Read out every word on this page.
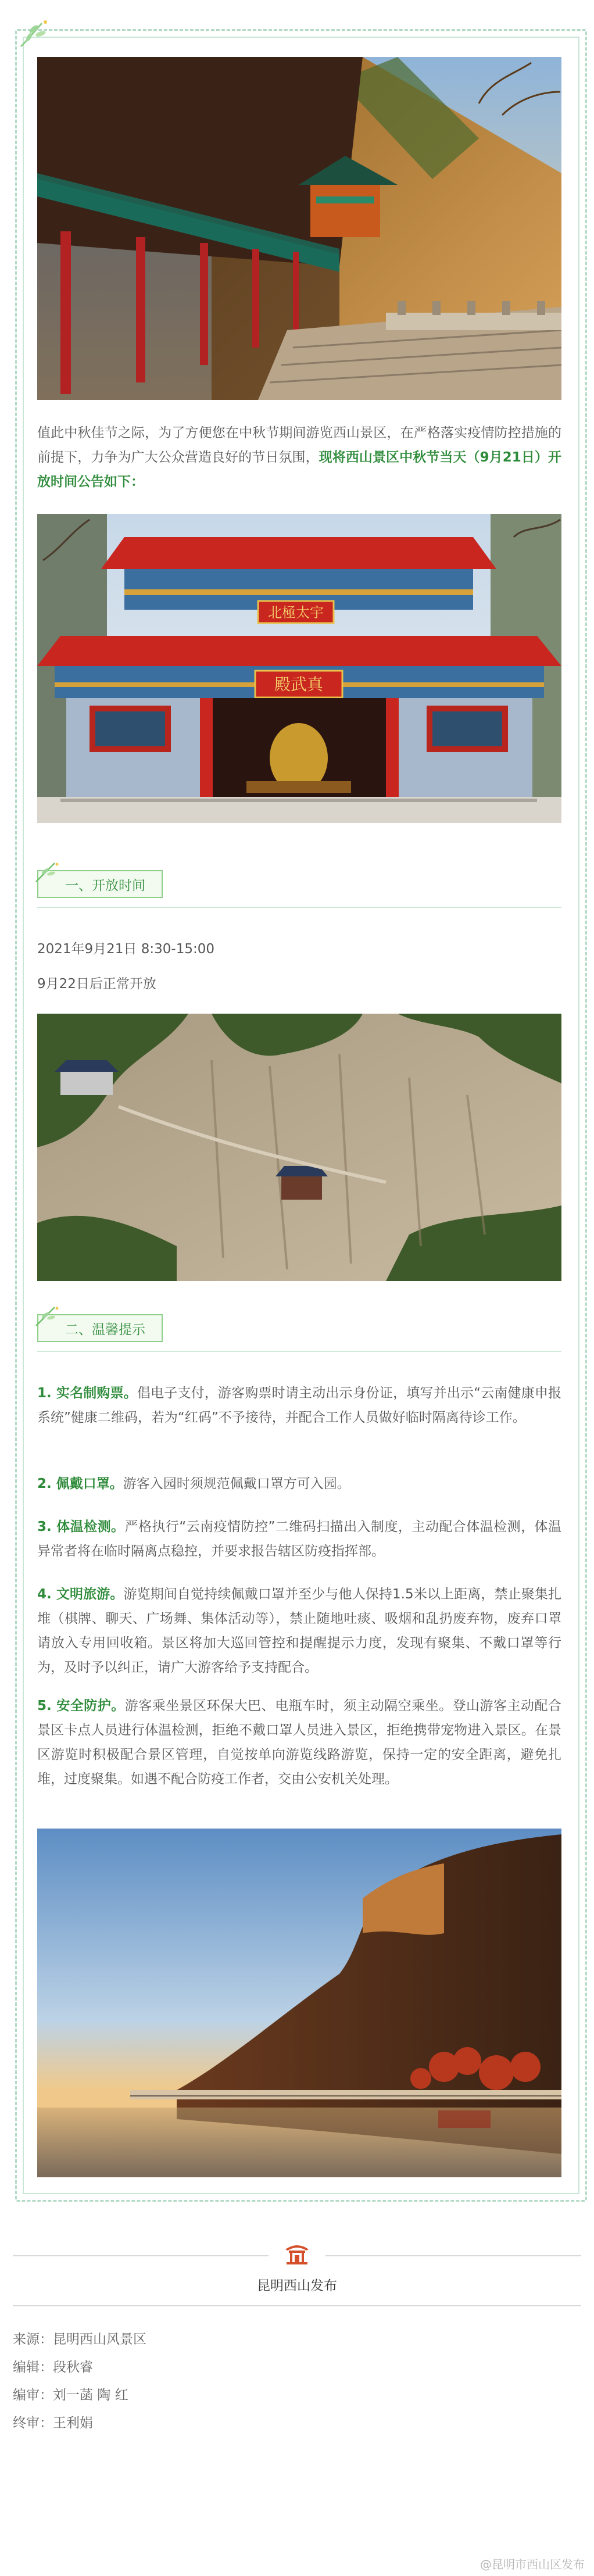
值此中秋佳节之际，为了方便您在中秋节期间游览西山景区，在严格落实疫情防控措施的前提下，力争为广大公众营造良好的节日氛围，现将西山景区中秋节当天（9月21日）开放时间公告如下：

北極太宇
殿武真
一、开放时间

2021年9月21日 8:30-15:00

9月22日后正常开放

二、温馨提示

1. 实名制购票。倡电子支付，游客购票时请主动出示身份证，填写并出示“云南健康申报系统”健康二维码，若为“红码”不予接待，并配合工作人员做好临时隔离待诊工作。

2. 佩戴口罩。游客入园时须规范佩戴口罩方可入园。

3. 体温检测。严格执行“云南疫情防控”二维码扫描出入制度，主动配合体温检测，体温异常者将在临时隔离点稳控，并要求报告辖区防疫指挥部。

4. 文明旅游。游览期间自觉持续佩戴口罩并至少与他人保持1.5米以上距离，禁止聚集扎堆（棋牌、聊天、广场舞、集体活动等），禁止随地吐痰、吸烟和乱扔废弃物，废弃口罩请放入专用回收箱。景区将加大巡回管控和提醒提示力度，发现有聚集、不戴口罩等行为，及时予以纠正，请广大游客给予支持配合。

5. 安全防护。游客乘坐景区环保大巴、电瓶车时，须主动隔空乘坐。登山游客主动配合景区卡点人员进行体温检测，拒绝不戴口罩人员进入景区，拒绝携带宠物进入景区。在景区游览时积极配合景区管理，自觉按单向游览线路游览，保持一定的安全距离，避免扎堆，过度聚集。如遇不配合防疫工作者，交由公安机关处理。

昆明西山发布
来源：昆明西山风景区
编辑：段秋睿
编审：刘一菡 陶 红
终审：王利娟
@昆明市西山区发布
